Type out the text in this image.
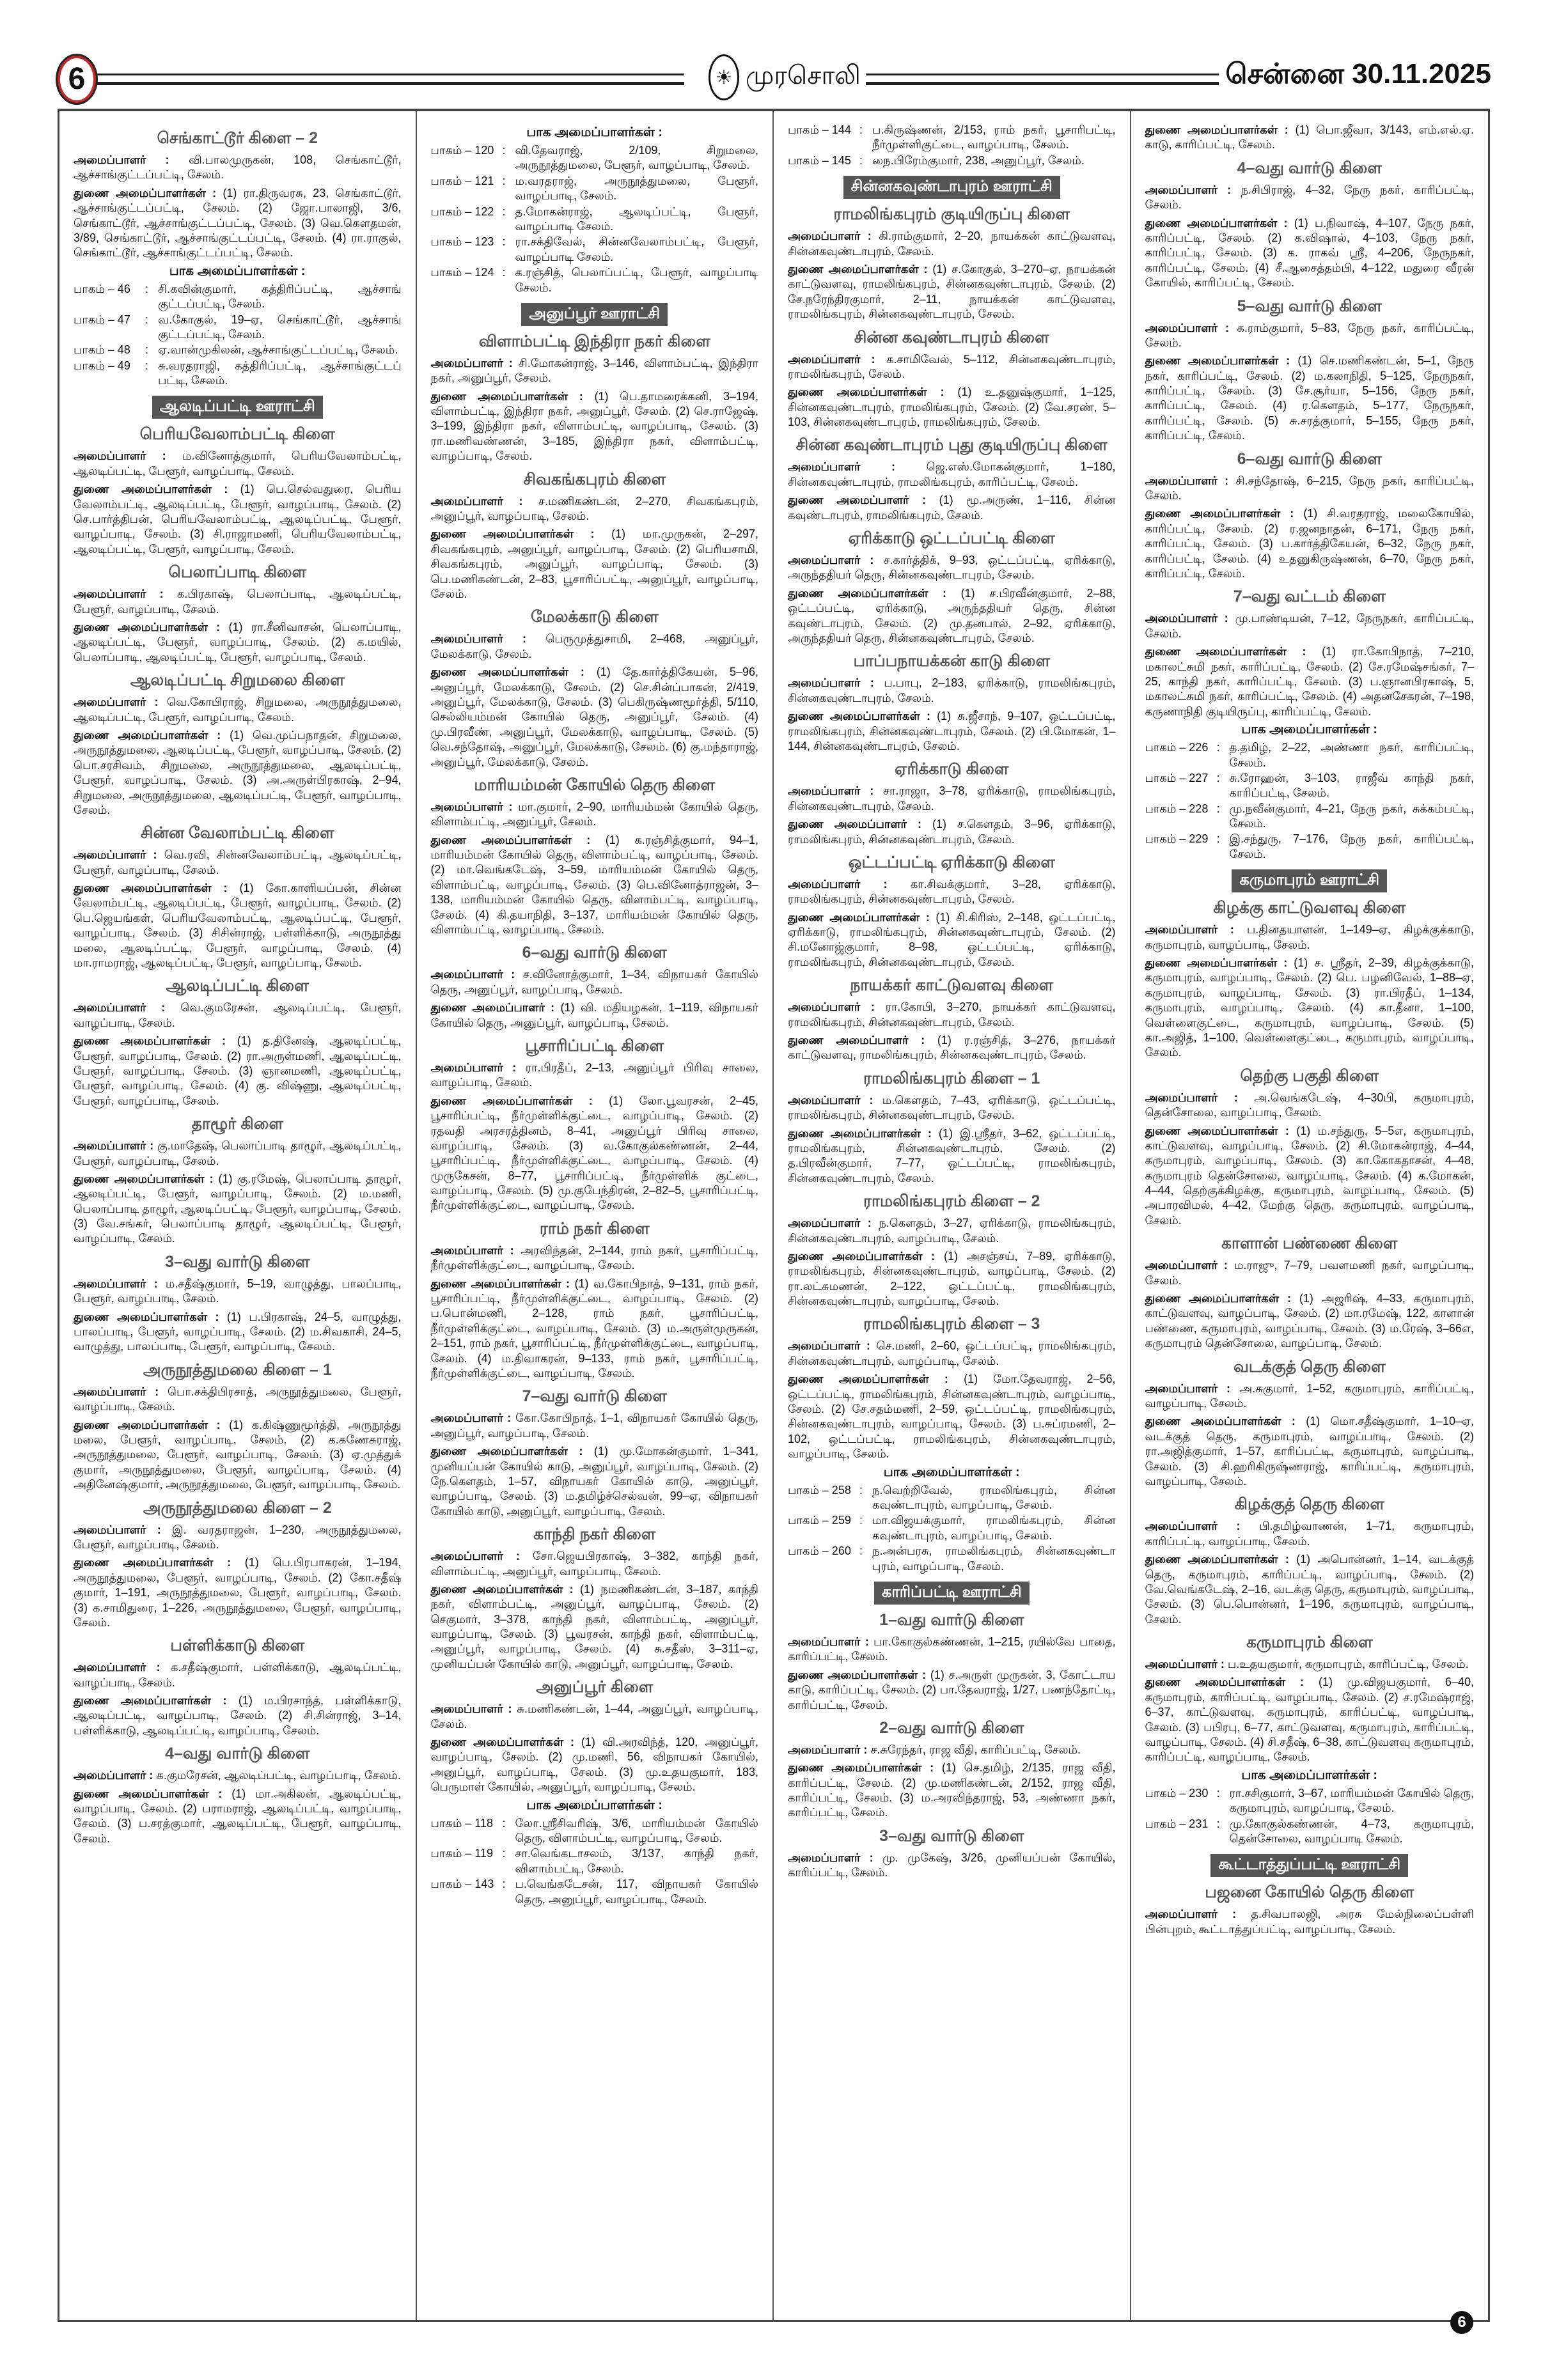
6	☀ முரசொலி	சென்னை 30.11.2025
செங்காட்டூர் கிளை – 2
அமைப்பாளர் : வி.பாலமுருகன், 108, செங்காட்டூர், ஆச்சாங்குட்டப்பட்டி, சேலம்.
துணை அமைப்பாளர்கள் : (1) ரா.திருவரசு, 23, செங்காட்டூர், ஆச்சாங்குட்டப்பட்டி, சேலம். (2) ஜோ.பாலாஜி, 3/6, செங்காட்டூர், ஆச்சாங்குட்டப்பட்டி, சேலம். (3) வெ.கௌதமன், 3/89, செங்காட்டூர், ஆச்சாங்குட்டப்பட்டி, சேலம். (4) ரா.ராகுல், செங்காட்டூர், ஆச்சாங்குட்டப்பட்டி, சேலம்.
பாக அமைப்பாளர்கள் :
பாகம் – 46	: சி.கவின்குமார், கத்திரிப்பட்டி, ஆச்சாங் குட்டப்பட்டி, சேலம்.
பாகம் – 47	: வ.கோகுல், 19–ஏ, செங்காட்டூர், ஆச்சாங் குட்டப்பட்டி, சேலம்.
பாகம் – 48	: ஏ.வான்முகிலன், ஆச்சாங்குட்டப்பட்டி, சேலம்.
பாகம் – 49	: சு.வரதராஜி, கத்திரிப்பட்டி, ஆச்சாங்குட்டப் பட்டி, சேலம்.
ஆலடிப்பட்டி ஊராட்சி
பெரியவேலாம்பட்டி கிளை
அமைப்பாளர் : ம.வினோத்குமார், பெரியவேலாம்பட்டி, ஆலடிப்பட்டி, பேளூர், வாழப்பாடி, சேலம்.
துணை அமைப்பாளர்கள் : (1) பெ.செல்வதுரை, பெரிய வேலாம்பட்டி, ஆலடிப்பட்டி, பேளூர், வாழப்பாடி, சேலம். (2) செ.பார்த்திபன், பெரியவேலாம்பட்டி, ஆலடிப்பட்டி, பேளூர், வாழப்பாடி, சேலம். (3) சி.ராஜாமணி, பெரியவேலாம்பட்டி, ஆலடிப்பட்டி, பேளூர், வாழப்பாடி, சேலம்.
பெலாப்பாடி கிளை
அமைப்பாளர் : க.பிரகாஷ், பெலாப்பாடி, ஆலடிப்பட்டி, பேளூர், வாழப்பாடி, சேலம்.
துணை அமைப்பாளர்கள் : (1) ரா.சீனிவாசன், பெலாப்பாடி, ஆலடிப்பட்டி, பேளூர், வாழப்பாடி, சேலம். (2) க.மயில், பெலாப்பாடி, ஆலடிப்பட்டி, பேளூர், வாழப்பாடி, சேலம்.
ஆலடிப்பட்டி சிறுமலை கிளை
அமைப்பாளர் : வெ.கோபிராஜ், சிறுமலை, அருநூத்துமலை, ஆலடிப்பட்டி, பேளூர், வாழப்பாடி, சேலம்.
துணை அமைப்பாளர்கள் : (1) வெ.முப்பநாதன், சிறுமலை, அருநூத்துமலை, ஆலடிப்பட்டி, பேளூர், வாழப்பாடி, சேலம். (2) பொ.சரசிவம், சிறுமலை, அருநூத்துமலை, ஆலடிப்பட்டி, பேளூர், வாழப்பாடி, சேலம். (3) அ.அருள்பிரகாஷ், 2–94, சிறுமலை, அருநூத்துமலை, ஆலடிப்பட்டி, பேளூர், வாழப்பாடி, சேலம்.
சின்ன வேலாம்பட்டி கிளை
அமைப்பாளர் : வெ.ரவி, சின்னவேலாம்பட்டி, ஆலடிப்பட்டி, பேளூர், வாழப்பாடி, சேலம்.
துணை அமைப்பாளர்கள் : (1) கோ.காளியப்பன், சின்ன வேலாம்பட்டி, ஆலடிப்பட்டி, பேளூர், வாழப்பாடி, சேலம். (2) பெ.ஜெயங்கள், பெரியவேலாம்பட்டி, ஆலடிப்பட்டி, பேளூர், வாழப்பாடி, சேலம். (3) சிசின்ராஜ், பள்ளிக்காடு, அருநூத்து மலை, ஆலடிப்பட்டி, பேளூர், வாழப்பாடி, சேலம். (4) மா.ராமராஜ், ஆலடிப்பட்டி, பேளூர், வாழப்பாடி, சேலம்.
ஆலடிப்பட்டி கிளை
அமைப்பாளர் : வெ.குமரேசன், ஆலடிப்பட்டி, பேளூர், வாழப்பாடி, சேலம்.
துணை அமைப்பாளர்கள் : (1) த.தினேஷ், ஆலடிப்பட்டி, பேளூர், வாழப்பாடி, சேலம். (2) ரா.அருள்மணி, ஆலடிப்பட்டி, பேளூர், வாழப்பாடி, சேலம். (3) ஞானமணி, ஆலடிப்பட்டி, பேளூர், வாழப்பாடி, சேலம். (4) கு. விஷ்ணு, ஆலடிப்பட்டி, பேளூர், வாழப்பாடி, சேலம்.
தாழூர் கிளை
அமைப்பாளர் : கு.மாதேஷ், பெலாப்பாடி தாழூர், ஆலடிப்பட்டி, பேளூர், வாழப்பாடி, சேலம்.
துணை அமைப்பாளர்கள் : (1) கு.ரமேஷ், பெலாப்பாடி தாழூர், ஆலடிப்பட்டி, பேளூர், வாழப்பாடி, சேலம். (2) ம.மணி, பெலாப்பாடி தாழூர், ஆலடிப்பட்டி, பேளூர், வாழப்பாடி, சேலம். (3) வே.சங்கர், பெலாப்பாடி தாழூர், ஆலடிப்பட்டி, பேளூர், வாழப்பாடி, சேலம்.
3–வது வார்டு கிளை
அமைப்பாளர் : ம.சதீஷ்குமார், 5–19, வாழுத்து, பாலப்பாடி, பேளூர், வாழப்பாடி, சேலம்.
துணை அமைப்பாளர்கள் : (1) ப.பிரகாஷ், 24–5, வாழுத்து, பாலப்பாடி, பேளூர், வாழப்பாடி, சேலம். (2) ம.சிவகாசி, 24–5, வாழுத்து, பாலப்பாடி, பேளூர், வாழப்பாடி, சேலம்.
அருநூத்துமலை கிளை – 1
அமைப்பாளர் : பொ.சக்திபிரசாத், அருநூத்துமலை, பேளூர், வாழப்பாடி, சேலம்.
துணை அமைப்பாளர்கள் : (1) க.கிஷ்ணுமூர்த்தி, அருநூத்து மலை, பேளூர், வாழப்பாடி, சேலம். (2) க.கணேசுராஜ், அருநூத்துமலை, பேளூர், வாழப்பாடி, சேலம். (3) ஏ.முத்துக் குமார், அருநூத்துமலை, பேளூர், வாழப்பாடி, சேலம். (4) அதினேஷ்குமார், அருநூத்துமலை, பேளூர், வாழப்பாடி, சேலம்.
அருநூத்துமலை கிளை – 2
அமைப்பாளர் : இ. வரதராஜன், 1–230, அருநூத்துமலை, பேளூர், வாழப்பாடி, சேலம்.
துணை அமைப்பாளர்கள் : (1) பெ.பிரபாகரன், 1–194, அருநூத்துமலை, பேளூர், வாழப்பாடி, சேலம். (2) கோ.சதீஷ் குமார், 1–191, அருநூத்துமலை, பேளூர், வாழப்பாடி, சேலம். (3) க.சாமிதுரை, 1–226, அருநூத்துமலை, பேளூர், வாழப்பாடி, சேலம்.
பள்ளிக்காடு கிளை
அமைப்பாளர் : க.சதீஷ்குமார், பள்ளிக்காடு, ஆலடிப்பட்டி, வாழப்பாடி, சேலம்.
துணை அமைப்பாளர்கள் : (1) ம.பிரசாந்த், பள்ளிக்காடு, ஆலடிப்பட்டி, வாழப்பாடி, சேலம். (2) சி.சின்ராஜ், 3–14, பள்ளிக்காடு, ஆலடிப்பட்டி, வாழப்பாடி, சேலம்.
4–வது வார்டு கிளை
அமைப்பாளர் : க.குமரேசன், ஆலடிப்பட்டி, வாழப்பாடி, சேலம்.
துணை அமைப்பாளர்கள் : (1) மா.அகிலன், ஆலடிப்பட்டி, வாழப்பாடி, சேலம். (2) பராமராஜ், ஆலடிப்பட்டி, வாழப்பாடி, சேலம். (3) ப.சரத்குமார், ஆலடிப்பட்டி, பேளூர், வாழப்பாடி, சேலம்.
பாக அமைப்பாளர்கள் :
பாகம் – 120 : வி.தேவராஜ், 2/109, சிறுமலை, அருநூத்துமலை, பேளூர், வாழப்பாடி, சேலம்.
பாகம் – 121 : ம.வரதராஜ், அருநூத்துமலை, பேளூர், வாழப்பாடி, சேலம்.
பாகம் – 122 : த.மோகன்ராஜ், ஆலடிப்பட்டி, பேளூர், வாழப்பாடி சேலம்.
பாகம் – 123 : ரா.சக்திவேல், சின்னவேலாம்பட்டி, பேளூர், வாழப்பாடி சேலம்.
பாகம் – 124 : க.ரஞ்சித், பெலாப்பட்டி, பேளூர், வாழப்பாடி சேலம்.
அனுப்பூர் ஊராட்சி
விளாம்பட்டி இந்திரா நகர் கிளை
அமைப்பாளர் : சி.மோகன்ராஜ், 3–146, விளாம்பட்டி, இந்திரா நகர், அனுப்பூர், சேலம்.
துணை அமைப்பாளர்கள் : (1) பெ.தாமரைக்கனி, 3–194, விளாம்பட்டி, இந்திரா நகர், அனுப்பூர், சேலம். (2) செ.ராஜேஷ், 3–199, இந்திரா நகர், விளாம்பட்டி, வாழப்பாடி, சேலம். (3) ரா.மணிவண்ணன், 3–185, இந்திரா நகர், விளாம்பட்டி, வாழப்பாடி, சேலம்.
சிவகங்கபுரம் கிளை
அமைப்பாளர் : ச.மணிகண்டன், 2–270, சிவகங்கபுரம், அனுப்பூர், வாழப்பாடி, சேலம்.
துணை அமைப்பாளர்கள் : (1) மா.முருகன், 2–297, சிவகங்கபுரம், அனுப்பூர், வாழப்பாடி, சேலம். (2) பெரியசாமி, சிவகங்கபுரம், அனுப்பூர், வாழப்பாடி, சேலம். (3) பெ.மணிகண்டன், 2–83, பூசாரிப்பட்டி, அனுப்பூர், வாழப்பாடி, சேலம்.
மேலக்காடு கிளை
அமைப்பாளர் : பெருமுத்துசாமி, 2–468, அனுப்பூர், மேலக்காடு, சேலம்.
துணை அமைப்பாளர்கள் : (1) தே.கார்த்திகேயன், 5–96, அனுப்பூர், மேலக்காடு, சேலம். (2) செ.சின்ப்பாகன், 2/419, அனுப்பூர், மேலக்காடு, சேலம். (3) பெகிருஷ்ணமூர்த்தி, 5/110, செல்லியம்மன் கோயில் தெரு, அனுப்பூர், சேலம். (4) மு.பிரவீண், அனுப்பூர், மேலக்காடு, வாழப்பாடி, சேலம். (5) வெ.சந்தோஷ், அனுப்பூர், மேலக்காடு, சேலம். (6) கு.மந்தாராஜ், அனுப்பூர், மேலக்காடு, சேலம்.
மாரியம்மன் கோயில் தெரு கிளை
அமைப்பாளர் : மா.குமார், 2–90, மாரியம்மன் கோயில் தெரு, விளாம்பட்டி, அனுப்பூர், சேலம்.
துணை அமைப்பாளர்கள் : (1) க.ரஞ்சித்குமார், 94–1, மாரியம்மன் கோயில் தெரு, விளாம்பட்டி, வாழப்பாடி, சேலம். (2) மா.வெங்கடேஷ், 3–59, மாரியம்மன் கோயில் தெரு, விளாம்பட்டி, வாழப்பாடி, சேலம். (3) பெ.வினோத்ராஜன், 3–138, மாரியம்மன் கோயில் தெரு, விளாம்பட்டி, வாழப்பாடி, சேலம். (4) கி.தயாநிதி, 3–137, மாரியம்மன் கோயில் தெரு, விளாம்பட்டி, வாழப்பாடி, சேலம்.
6–வது வார்டு கிளை
அமைப்பாளர் : ச.வினோத்குமார், 1–34, விநாயகர் கோயில் தெரு, அனுப்பூர், வாழப்பாடி, சேலம்.
துணை அமைப்பாளர் : (1) வி. மதியழகன், 1–119, விநாயகர் கோயில் தெரு, அனுப்பூர், வாழப்பாடி, சேலம்.
பூசாரிப்பட்டி கிளை
அமைப்பாளர் : ரா.பிரதீப், 2–13, அனுப்பூர் பிரிவு சாலை, வாழப்பாடி, சேலம்.
துணை அமைப்பாளர்கள் : (1) லோ.பூவரசன், 2–45, பூசாரிப்பட்டி, நீர்முள்ளிக்குட்டை, வாழப்பாடி, சேலம். (2) ரதவதி அரசரத்தினம், 8–41, அனுப்பூர் பிரிவு சாலை, வாழப்பாடி, சேலம். (3) வ.கோகுல்கண்ணன், 2–44, பூசாரிப்பட்டி, நீர்முள்ளிக்குட்டை, வாழப்பாடி, சேலம். (4) முருகேசன், 8–77, பூசாரிப்பட்டி, நீர்முள்ளிக் குட்டை, வாழப்பாடி, சேலம். (5) மு.குபேந்திரன், 2–82–5, பூசாரிப்பட்டி, நீர்முள்ளிக்குட்டை, வாழப்பாடி, சேலம்.
ராம் நகர் கிளை
அமைப்பாளர் : அரவிந்தன், 2–144, ராம் நகர், பூசாரிப்பட்டி, நீர்முள்ளிக்குட்டை, வாழப்பாடி, சேலம்.
துணை அமைப்பாளர்கள் : (1) வ.கோபிநாத், 9–131, ராம் நகர், பூசாரிப்பட்டி, நீர்முள்ளிக்குட்டை, வாழப்பாடி, சேலம். (2) ப.பொன்மணி, 2–128, ராம் நகர், பூசாரிப்பட்டி, நீர்முள்ளிக்குட்டை, வாழப்பாடி, சேலம். (3) ம.அருள்முருகன், 2–151, ராம் நகர், பூசாரிப்பட்டி, நீர்முள்ளிக்குட்டை, வாழப்பாடி, சேலம். (4) ம.திவாகரன், 9–133, ராம் நகர், பூசாரிப்பட்டி, நீர்முள்ளிக்குட்டை, வாழப்பாடி, சேலம்.
7–வது வார்டு கிளை
அமைப்பாளர் : கோ.கோபிநாத், 1–1, விநாயகர் கோயில் தெரு, அனுப்பூர், வாழப்பாடி, சேலம்.
துணை அமைப்பாளர்கள் : (1) மு.மோகன்குமார், 1–341, முனியப்பன் கோயில் காடு, அனுப்பூர், வாழப்பாடி, சேலம். (2) நே.கௌதம், 1–57, விநாயகர் கோயில் காடு, அனுப்பூர், வாழப்பாடி, சேலம். (3) ம.தமிழ்ச்செல்வன், 99–ஏ, விநாயகர் கோயில் காடு, அனுப்பூர், வாழப்பாடி, சேலம்.
காந்தி நகர் கிளை
அமைப்பாளர் : சோ.ஜெயபிரகாஷ், 3–382, காந்தி நகர், விளாம்பட்டி, அனுப்பூர், வாழப்பாடி, சேலம்.
துணை அமைப்பாளர்கள் : (1) நமணிகண்டன், 3–187, காந்தி நகர், விளாம்பட்டி, அனுப்பூர், வாழப்பாடி, சேலம். (2) செகுமார், 3–378, காந்தி நகர், விளாம்பட்டி, அனுப்பூர், வாழப்பாடி, சேலம். (3) பூவரசன், காந்தி நகர், விளாம்பட்டி, அனுப்பூர், வாழப்பாடி, சேலம். (4) சு.சதீஸ், 3–311–ஏ, முனியப்பன் கோயில் காடு, அனுப்பூர், வாழப்பாடி, சேலம்.
அனுப்பூர் கிளை
அமைப்பாளர் : சு.மணிகண்டன், 1–44, அனுப்பூர், வாழப்பாடி, சேலம்.
துணை அமைப்பாளர்கள் : (1) வி.அரவிந்த், 120, அனுப்பூர், வாழப்பாடி, சேலம். (2) மு.மணி, 56, விநாயகர் கோயில், அனுப்பூர், வாழப்பாடி, சேலம். (3) மு.உதயகுமார், 183, பெருமாள் கோயில், அனுப்பூர், வாழப்பாடி, சேலம்.
பாக அமைப்பாளர்கள் :
பாகம் – 118 : லோ.ஸ்ரீசிவரிஷ், 3/6, மாரியம்மன் கோயில் தெரு, விளாம்பட்டி, வாழப்பாடி, சேலம்.
பாகம் – 119 : சா.வெங்கடாசலம், 3/137, காந்தி நகர், விளாம்பட்டி, சேலம்.
பாகம் – 143 : ப.வெங்கடேசன், 117, விநாயகர் கோயில் தெரு, அனுப்பூர், வாழப்பாடி, சேலம்.
பாகம் – 144 : ப.கிருஷ்ணன், 2/153, ராம் நகர், பூசாரிபட்டி, நீர்முள்ளிகுட்டை, வாழப்பாடி, சேலம்.
பாகம் – 145 : நை.பிரேம்குமார், 238, அனுப்பூர், சேலம்.
சின்னகவுண்டாபுரம் ஊராட்சி
ராமலிங்கபுரம் குடியிருப்பு கிளை
அமைப்பாளர் : கி.ராம்குமார், 2–20, நாயக்கன் காட்டுவளவு, சின்னகவுண்டாபுரம், சேலம்.
துணை அமைப்பாளர்கள் : (1) ச.கோகுல், 3–270–ஏ, நாயக்கன் காட்டுவளவு, ராமலிங்கபுரம், சின்னகவுண்டாபுரம், சேலம். (2) சே.நரேந்திரகுமார், 2–11, நாயக்கன் காட்டுவளவு, ராமலிங்கபுரம், சின்னகவுண்டாபுரம், சேலம்.
சின்ன கவுண்டாபுரம் கிளை
அமைப்பாளர் : க.சாமிவேல், 5–112, சின்னகவுண்டாபுரம், ராமலிங்கபுரம், சேலம்.
துணை அமைப்பாளர்கள் : (1) உ.தனுஷ்குமார், 1–125, சின்னகவுண்டாபுரம், ராமலிங்கபுரம், சேலம். (2) வே.சரண், 5–103, சின்னகவுண்டாபுரம், ராமலிங்கபுரம், சேலம்.
சின்ன கவுண்டாபுரம் புது குடியிருப்பு கிளை
அமைப்பாளர் : ஜெ.எஸ்.மோகன்குமார், 1–180, சின்னகவுண்டாபுரம், ராமலிங்கபுரம், காரிப்பட்டி, சேலம்.
துணை அமைப்பாளர் : (1) மூ.அருண், 1–116, சின்ன கவுண்டாபுரம், ராமலிங்கபுரம், சேலம்.
ஏரிக்காடு ஒட்டப்பட்டி கிளை
அமைப்பாளர் : ச.கார்த்திக், 9–93, ஒட்டப்பட்டி, ஏரிக்காடு, அருந்ததியர் தெரு, சின்னகவுண்டாபுரம், சேலம்.
துணை அமைப்பாளர்கள் : (1) ச.பிரவீன்குமார், 2–88, ஒட்டப்பட்டி, ஏரிக்காடு, அருந்ததியர் தெரு, சின்ன கவுண்டாபுரம், சேலம். (2) மு.தனபால், 2–92, ஏரிக்காடு, அருந்ததியர் தெரு, சின்னகவுண்டாபுரம், சேலம்.
பாப்பநாயக்கன் காடு கிளை
அமைப்பாளர் : ப.பாபு, 2–183, ஏரிக்காடு, ராமலிங்கபுரம், சின்னகவுண்டாபுரம், சேலம்.
துணை அமைப்பாளர்கள் : (1) சு.ஜீசாந், 9–107, ஒட்டப்பட்டி, ராமலிங்கபுரம், சின்னகவுண்டாபுரம், சேலம். (2) பி.மோகன், 1–144, சின்னகவுண்டாபுரம், சேலம்.
ஏரிக்காடு கிளை
அமைப்பாளர் : சா.ராஜா, 3–78, ஏரிக்காடு, ராமலிங்கபுரம், சின்னகவுண்டாபுரம், சேலம்.
துணை அமைப்பாளர் : (1) ச.கௌதம், 3–96, ஏரிக்காடு, ராமலிங்கபுரம், சின்னகவுண்டாபுரம், சேலம்.
ஒட்டப்பட்டி ஏரிக்காடு கிளை
அமைப்பாளர் : கா.சிவக்குமார், 3–28, ஏரிக்காடு, ராமலிங்கபுரம், சின்னகவுண்டாபுரம், சேலம்.
துணை அமைப்பாளர்கள் : (1) சி.கிரிஸ், 2–148, ஒட்டப்பட்டி, ஏரிக்காடு, ராமலிங்கபுரம், சின்னகவுண்டாபுரம், சேலம். (2) சி.மனோஜ்குமார், 8–98, ஒட்டப்பட்டி, ஏரிக்காடு, ராமலிங்கபுரம், சின்னகவுண்டாபுரம், சேலம்.
நாயக்கர் காட்டுவளவு கிளை
அமைப்பாளர் : ரா.கோபி, 3–270, நாயக்கர் காட்டுவளவு, ராமலிங்கபுரம், சின்னகவுண்டாபுரம், சேலம்.
துணை அமைப்பாளர் : (1) ர.ரஞ்சித், 3–276, நாயக்கர் காட்டுவளவு, ராமலிங்கபுரம், சின்னகவுண்டாபுரம், சேலம்.
ராமலிங்கபுரம் கிளை – 1
அமைப்பாளர் : ம.கௌதம், 7–43, ஏரிக்காடு, ஒட்டப்பட்டி, ராமலிங்கபுரம், சின்னகவுண்டாபுரம், சேலம்.
துணை அமைப்பாளர்கள் : (1) இ.ஸ்ரீதர், 3–62, ஒட்டப்பட்டி, ராமலிங்கபுரம், சின்னகவுண்டாபுரம், சேலம். (2) த.பிரவீன்குமார், 7–77, ஒட்டப்பட்டி, ராமலிங்கபுரம், சின்னகவுண்டாபுரம், சேலம்.
ராமலிங்கபுரம் கிளை – 2
அமைப்பாளர் : ந.கௌதம், 3–27, ஏரிக்காடு, ராமலிங்கபுரம், சின்னகவுண்டாபுரம், வாழப்பாடி, சேலம்.
துணை அமைப்பாளர்கள் : (1) அசஞ்சய், 7–89, ஏரிக்காடு, ராமலிங்கபுரம், சின்னகவுண்டாபுரம், வாழப்பாடி, சேலம். (2) ரா.லட்சுமணன், 2–122, ஒட்டப்பட்டி, ராமலிங்கபுரம், சின்னகவுண்டாபுரம், வாழப்பாடி, சேலம்.
ராமலிங்கபுரம் கிளை – 3
அமைப்பாளர் : செ.மணி, 2–60, ஒட்டப்பட்டி, ராமலிங்கபுரம், சின்னகவுண்டாபுரம், வாழப்பாடி, சேலம்.
துணை அமைப்பாளர்கள் : (1) மோ.தேவராஜ், 2–56, ஒட்டப்பட்டி, ராமலிங்கபுரம், சின்னகவுண்டாபுரம், வாழப்பாடி, சேலம். (2) சே.சதம்மணி, 2–59, ஒட்டப்பட்டி, ராமலிங்கபுரம், சின்னகவுண்டாபுரம், வாழப்பாடி, சேலம். (3) ப.சுப்ரமணி, 2–102, ஒட்டப்பட்டி, ராமலிங்கபுரம், சின்னகவுண்டாபுரம், வாழப்பாடி, சேலம்.
பாக அமைப்பாளர்கள் :
பாகம் – 258 : ந.வெற்றிவேல், ராமலிங்கபுரம், சின்ன கவுண்டாபுரம், வாழப்பாடி, சேலம்.
பாகம் – 259 : மா.விஜயக்குமார், ராமலிங்கபுரம், சின்ன கவுண்டாபுரம், வாழப்பாடி, சேலம்.
பாகம் – 260 : ந.அன்பரசு, ராமலிங்கபுரம், சின்னகவுண்டா புரம், வாழப்பாடி, சேலம்.
காரிப்பட்டி ஊராட்சி
1–வது வார்டு கிளை
அமைப்பாளர் : பா.கோகுல்கண்ணன், 1–215, ரயில்வே பாதை, காரிப்பட்டி, சேலம்.
துணை அமைப்பாளர்கள் : (1) ச.அருள் முருகன், 3, கோட்டாய காடு, காரிப்பட்டி, சேலம். (2) பா.தேவராஜ், 1/27, பணந்தோட்டி, காரிப்பட்டி, சேலம்.
2–வது வார்டு கிளை
அமைப்பாளர் : ச.சுரேந்தர், ராஜ வீதி, காரிப்பட்டி, சேலம்.
துணை அமைப்பாளர்கள் : (1) செ.தமிழ், 2/135, ராஜ வீதி, காரிப்பட்டி, சேலம். (2) மு.மணிகண்டன், 2/152, ராஜ வீதி, காரிப்பட்டி, சேலம். (3) ம.அரவிந்தராஜ், 53, அண்ணா நகர், காரிப்பட்டி, சேலம்.
3–வது வார்டு கிளை
அமைப்பாளர் : மு. முகேஷ், 3/26, முனியப்பன் கோயில், காரிப்பட்டி, சேலம்.
துணை அமைப்பாளர்கள் : (1) பொ.ஜீவா, 3/143, எம்.எல்.ஏ. காடு, காரிப்பட்டி, சேலம்.
4–வது வார்டு கிளை
அமைப்பாளர் : ந.சிபிராஜ், 4–32, நேரு நகர், காரிப்பட்டி, சேலம்.
துணை அமைப்பாளர்கள் : (1) ப.நிவாஷ், 4–107, நேரு நகர், காரிப்பட்டி, சேலம். (2) க.விஷால், 4–103, நேரு நகர், காரிப்பட்டி, சேலம். (3) க. ராகவ் ஸ்ரீ, 4–206, நேருநகர், காரிப்பட்டி, சேலம். (4) சீ.ஆசைத்தம்பி, 4–122, மதுரை வீரன் கோயில், காரிப்பட்டி, சேலம்.
5–வது வார்டு கிளை
அமைப்பாளர் : க.ராம்குமார், 5–83, நேரு நகர், காரிப்பட்டி, சேலம்.
துணை அமைப்பாளர்கள் : (1) செ.மணிகண்டன், 5–1, நேரு நகர், காரிப்பட்டி, சேலம். (2) ம.கலாநிதி, 5–125, நேருநகர், காரிப்பட்டி, சேலம். (3) சே.சூர்யா, 5–156, நேரு நகர், காரிப்பட்டி, சேலம். (4) ர.கௌதம், 5–177, நேருநகர், காரிப்பட்டி, சேலம். (5) சு.சரத்குமார், 5–155, நேரு நகர், காரிப்பட்டி, சேலம்.
6–வது வார்டு கிளை
அமைப்பாளர் : சி.சந்தோஷ், 6–215, நேரு நகர், காரிப்பட்டி, சேலம்.
துணை அமைப்பாளர்கள் : (1) சி.வரதராஜ், மலைகோயில், காரிப்பட்டி, சேலம். (2) ர.ஜனநாதன், 6–171, நேரு நகர், காரிப்பட்டி, சேலம். (3) ப.கார்த்திகேயன், 6–32, நேரு நகர், காரிப்பட்டி, சேலம். (4) உதனுகிருஷ்ணன், 6–70, நேரு நகர், காரிப்பட்டி, சேலம்.
7–வது வட்டம் கிளை
அமைப்பாளர் : மு.பாண்டியன், 7–12, நேருநகர், காரிப்பட்டி, சேலம்.
துணை அமைப்பாளர்கள் : (1) ரா.கோபிநாத், 7–210, மகாலட்சுமி நகர், காரிப்பட்டி, சேலம். (2) சே.ரமேஷ்சங்கர், 7–25, காந்தி நகர், காரிப்பட்டி, சேலம். (3) ப.ஞானபிரகாஷ், 5, மகாலட்சுமி நகர், காரிப்பட்டி, சேலம். (4) அதனசேகரன், 7–198, கருணாநிதி குடியிருப்பு, காரிப்பட்டி, சேலம்.
பாக அமைப்பாளர்கள் :
பாகம் – 226 : த.தமிழ், 2–22, அண்ணா நகர், காரிப்பட்டி, சேலம்.
பாகம் – 227 : சு.ரோஹன், 3–103, ராஜீவ் காந்தி நகர், காரிப்பட்டி, சேலம்.
பாகம் – 228 : மு.நவீன்குமார், 4–21, நேரு நகர், சுக்கம்பட்டி, சேலம்.
பாகம் – 229 : இ.சந்துரு, 7–176, நேரு நகர், காரிப்பட்டி, சேலம்.
கருமாபுரம் ஊராட்சி
கிழக்கு காட்டுவளவு கிளை
அமைப்பாளர் : ப.தினதயாளன், 1–149–ஏ, கிழக்குக்காடு, கருமாபுரம், வாழப்பாடி, சேலம்.
துணை அமைப்பாளர்கள் : (1) ச. ஸ்ரீதர், 2–39, கிழக்குக்காடு, கருமாபுரம், வாழப்பாடி, சேலம். (2) பெ. பழனிவேல், 1–88–ஏ, கருமாபுரம், வாழப்பாடி, சேலம். (3) ரா.பிரதீப், 1–134, கருமாபுரம், வாழப்பாடி, சேலம். (4) கா.தீனா, 1–100, வெள்ளைகுட்டை, கருமாபுரம், வாழப்பாடி, சேலம். (5) கா.அஜித், 1–100, வெள்ளைகுட்டை, கருமாபுரம், வாழப்பாடி, சேலம்.
தெற்கு பகுதி கிளை
அமைப்பாளர் : அ.வெங்கடேஷ், 4–30பி, கருமாபுரம், தென்சோலை, வாழப்பாடி, சேலம்.
துணை அமைப்பாளர்கள் : (1) ம.சந்துரு, 5–5எ, கருமாபுரம், காட்டுவளவு, வாழப்பாடி, சேலம். (2) சி.மோகன்ராஜ், 4–44, கருமாபுரம், வாழப்பாடி, சேலம். (3) கா.கோகதாசன், 4–48, கருமாபுரம் தென்சோலை, வாழப்பாடி, சேலம். (4) க.மோகன், 4–44, தெற்குக்கிழக்கு, கருமாபுரம், வாழப்பாடி, சேலம். (5) அபாரவிமல், 4–42, மேற்கு தெரு, கருமாபுரம், வாழப்பாடி, சேலம்.
காளான் பண்ணை கிளை
அமைப்பாளர் : ம.ராஜு, 7–79, பவளமணி நகர், வாழப்பாடி, சேலம்.
துணை அமைப்பாளர்கள் : (1) அஜரிஷ், 4–33, கருமாபுரம், காட்டுவளவு, வாழப்பாடி, சேலம். (2) மா.ரமேஷ், 122, காளான் பண்ணை, கருமாபுரம், வாழப்பாடி, சேலம். (3) ம.ரேஷ், 3–66எ, கருமாபுரம் தென்சோலை, வாழப்பாடி, சேலம்.
வடக்குத் தெரு கிளை
அமைப்பாளர் : அ.சுகுமார், 1–52, கருமாபுரம், காரிப்பட்டி, வாழப்பாடி, சேலம்.
துணை அமைப்பாளர்கள் : (1) மொ.சதீஷ்குமார், 1–10–ஏ, வடக்குத் தெரு, கருமாபுரம், வாழப்பாடி, சேலம். (2) ரா.அஜித்குமார், 1–57, காரிப்பட்டி, கருமாபுரம், வாழப்பாடி, சேலம். (3) சி.ஹரிகிருஷ்ணராஜ், காரிப்பட்டி, கருமாபுரம், வாழப்பாடி, சேலம்.
கிழக்குத் தெரு கிளை
அமைப்பாளர் : பி.தமிழ்வாணன், 1–71, கருமாபுரம், காரிப்பட்டி, வாழப்பாடி, சேலம்.
துணை அமைப்பாளர்கள் : (1) அபொன்னர், 1–14, வடக்குத் தெரு, கருமாபுரம், காரிப்பட்டி, வாழப்பாடி, சேலம். (2) வே.வெங்கடேஷ், 2–16, வடக்கு தெரு, கருமாபுரம், வாழப்பாடி, சேலம். (3) பெ.பொன்னர், 1–196, கருமாபுரம், வாழப்பாடி, சேலம்.
கருமாபுரம் கிளை
அமைப்பாளர் : ப.உதயகுமார், கருமாபுரம், காரிப்பட்டி, சேலம்.
துணை அமைப்பாளர்கள் : (1) மு.விஜயகுமார், 6–40, கருமாபுரம், காரிப்பட்டி, வாழப்பாடி, சேலம். (2) ச.ரமேஷ்ராஜ், 6–37, காட்டுவளவு, கருமாபுரம், காரிப்பட்டி, வாழப்பாடி, சேலம். (3) பபிரபு, 6–77, காட்டுவளவு, கருமாபுரம், காரிப்பட்டி, வாழப்பாடி, சேலம். (4) சி.சதீஷ், 6–38, காட்டுவளவு கருமாபுரம், காரிப்பட்டி, வாழப்பாடி, சேலம்.
பாக அமைப்பாளர்கள் :
பாகம் – 230 : ரா.சசிகுமார், 3–67, மாரியம்மன் கோயில் தெரு, கருமாபுரம், வாழப்பாடி, சேலம்.
பாகம் – 231 : மு.கோகுல்கண்ணன், 4–73, கருமாபுரம், தென்சோலை, வாழப்பாடி சேலம்.
கூட்டாத்துப்பட்டி ஊராட்சி
பஜனை கோயில் தெரு கிளை
அமைப்பாளர் : த.சிவபாலஜி, அரசு மேல்நிலைப்பள்ளி பின்புறம், கூட்டாத்துப்பட்டி, வாழப்பாடி, சேலம்.
6
